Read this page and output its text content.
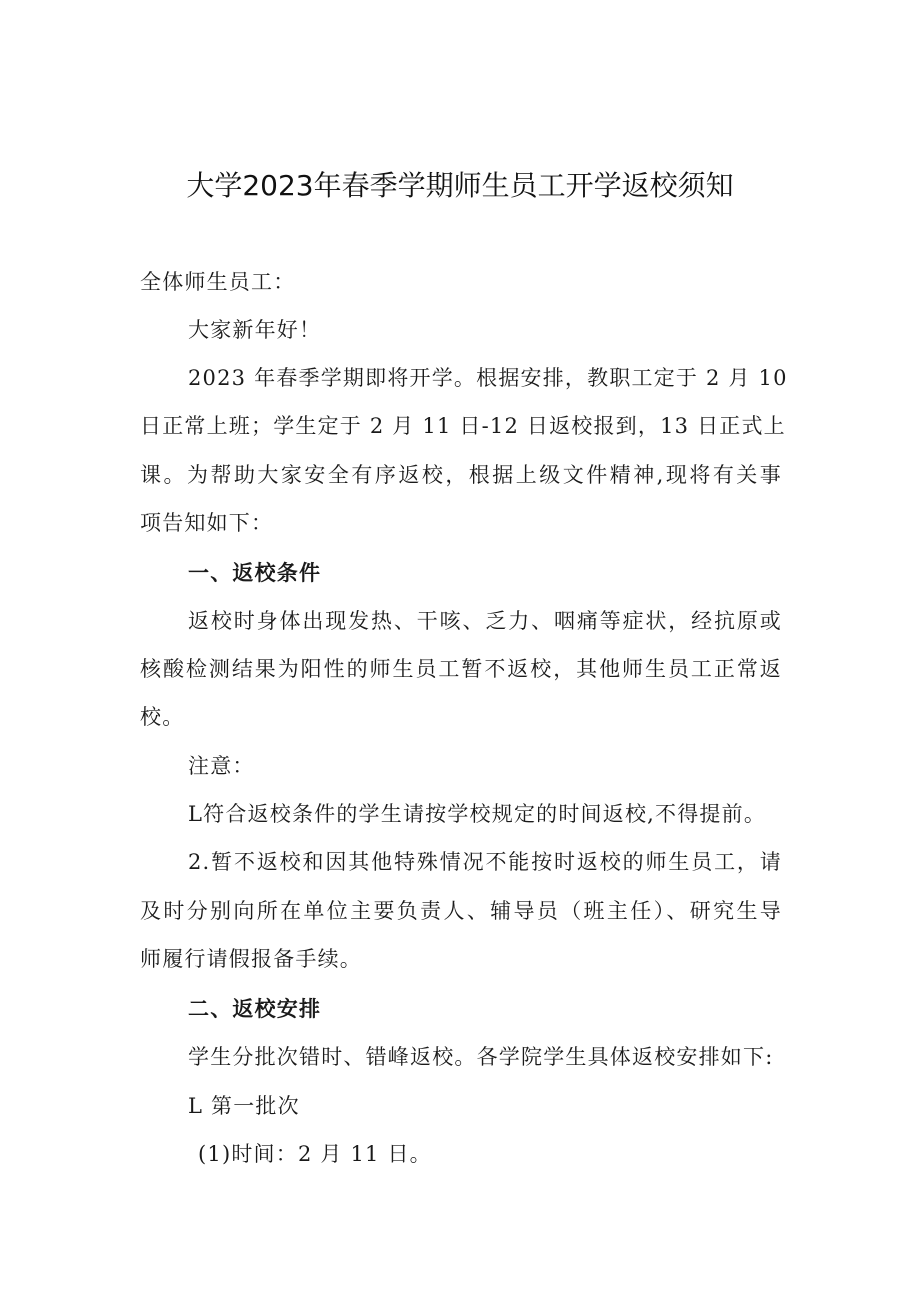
大学2023年春季学期师生员工开学返校须知
全体师生员工：
大家新年好！
2023 年春季学期即将开学。根据安排，教职工定于 2 月 10
日正常上班；学生定于 2 月 11 日-12 日返校报到，13 日正式上
课。为帮助大家安全有序返校，根据上级文件精神,现将有关事
项告知如下：
一、返校条件
返校时身体出现发热、干咳、乏力、咽痛等症状，经抗原或
核酸检测结果为阳性的师生员工暂不返校，其他师生员工正常返
校。
注意：
L符合返校条件的学生请按学校规定的时间返校,不得提前。
2.暂不返校和因其他特殊情况不能按时返校的师生员工，请
及时分别向所在单位主要负责人、辅导员（班主任）、研究生导
师履行请假报备手续。
二、返校安排
学生分批次错时、错峰返校。各学院学生具体返校安排如下:
L 第一批次
(1)时间：2 月 11 日。
